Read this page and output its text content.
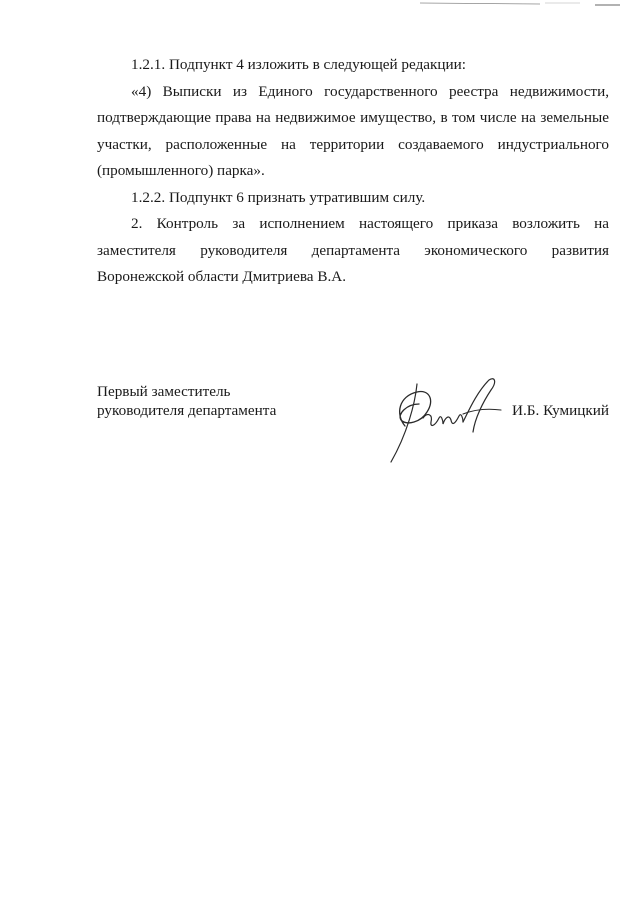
1.2.1. Подпункт 4 изложить в следующей редакции:

«4) Выписки из Единого государственного реестра недвижимости, подтверждающие права на недвижимое имущество, в том числе на земельные участки, расположенные на территории создаваемого индустриального (промышленного) парка».

1.2.2. Подпункт 6 признать утратившим силу.

2. Контроль за исполнением настоящего приказа возложить на заместителя руководителя департамента экономического развития Воронежской области Дмитриева В.А.

Первый заместитель
руководителя департамента	И.Б. Кумицкий
